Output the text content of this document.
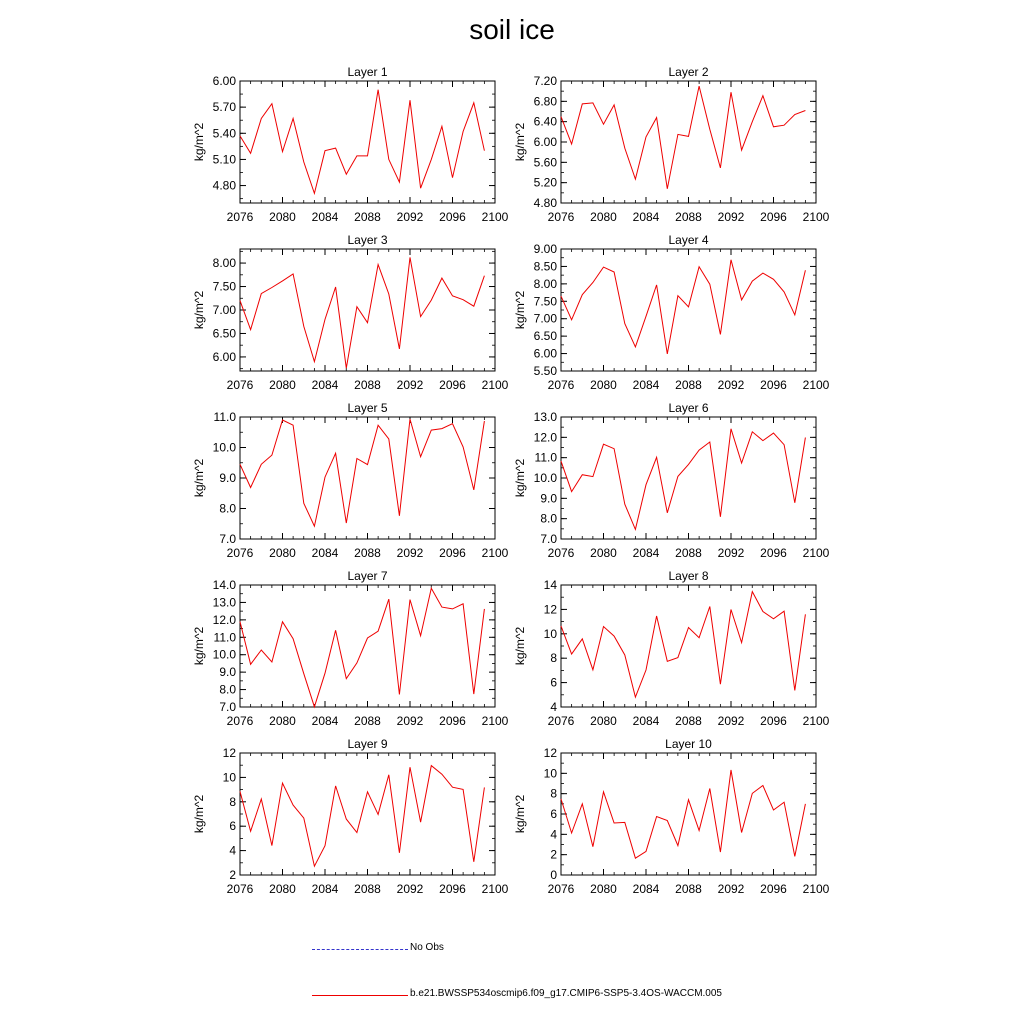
soil ice
Layer 1
2076 2080 2084 2088 2092 2096 2100
4.80
5.10
5.40
5.70
6.00
kg/m^2
Layer 2
2076 2080 2084 2088 2092 2096 2100
4.80
5.20
5.60
6.00
6.40
6.80
7.20
kg/m^2
Layer 3
2076 2080 2084 2088 2092 2096 2100
6.00
6.50
7.00
7.50
8.00
kg/m^2
Layer 4
2076 2080 2084 2088 2092 2096 2100
5.50
6.00
6.50
7.00
7.50
8.00
8.50
9.00
kg/m^2
Layer 5
2076 2080 2084 2088 2092 2096 2100
7.0
8.0
9.0
10.0
11.0
kg/m^2
Layer 6
2076 2080 2084 2088 2092 2096 2100
7.0
8.0
9.0
10.0
11.0
12.0
13.0
kg/m^2
Layer 7
2076 2080 2084 2088 2092 2096 2100
7.0
8.0
9.0
10.0
11.0
12.0
13.0
14.0
kg/m^2
Layer 8
2076 2080 2084 2088 2092 2096 2100
4
6
8
10
12
14
kg/m^2
Layer 9
2076 2080 2084 2088 2092 2096 2100
2
4
6
8
10
12
kg/m^2
Layer 10
2076 2080 2084 2088 2092 2096 2100
0
2
4
6
8
10
12
kg/m^2
No Obs
b.e21.BWSSP534oscmip6.f09_g17.CMIP6-SSP5-3.4OS-WACCM.005
